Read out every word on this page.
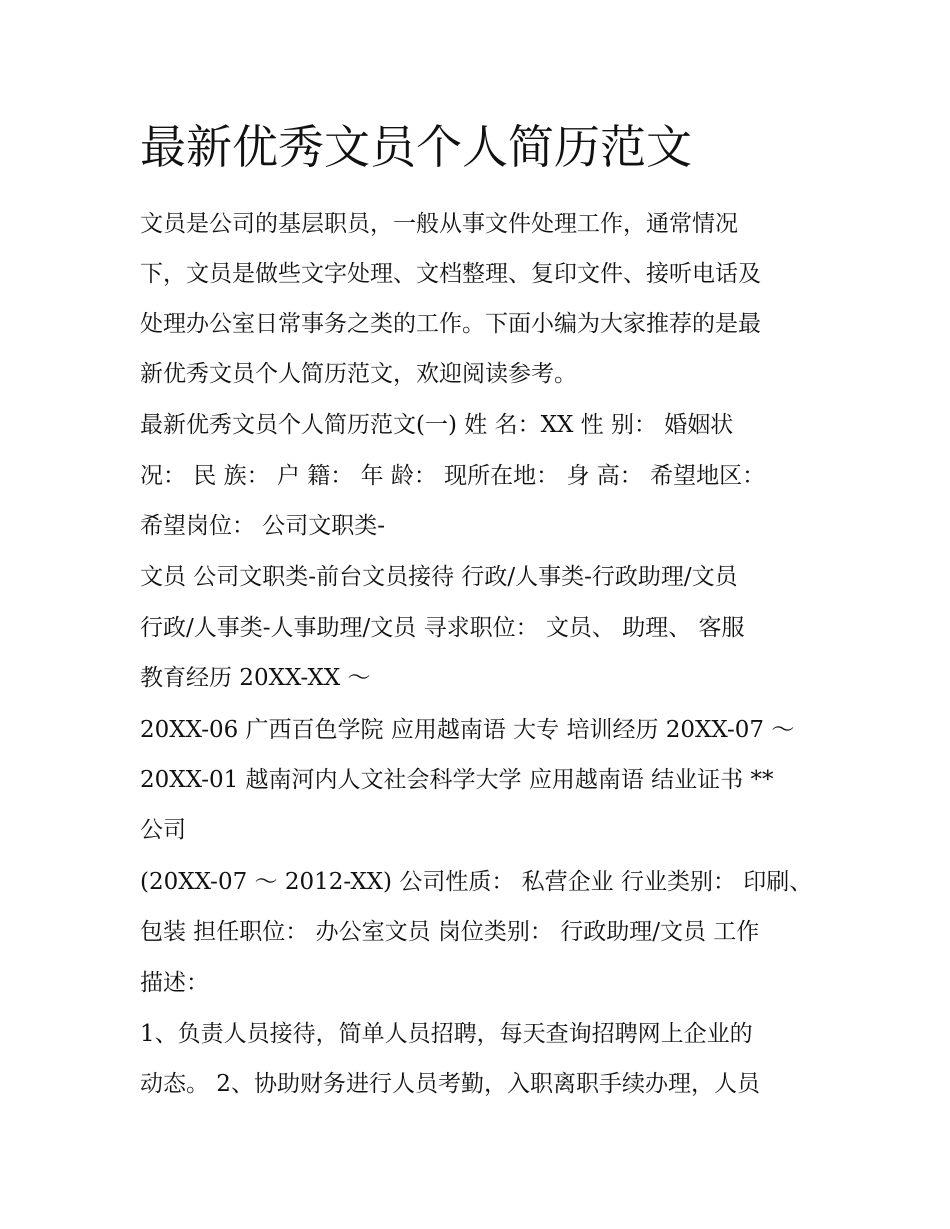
最新优秀文员个人简历范文
文员是公司的基层职员，一般从事文件处理工作，通常情况
下，文员是做些文字处理、文档整理、复印文件、接听电话及
处理办公室日常事务之类的工作。下面小编为大家推荐的是最
新优秀文员个人简历范文，欢迎阅读参考。
最新优秀文员个人简历范文(一) 姓 名：XX 性 别： 婚姻状
况： 民 族： 户 籍： 年 龄： 现所在地： 身 高： 希望地区：
希望岗位： 公司文职类-
文员 公司文职类-前台文员接待 行政/人事类-行政助理/文员
行政/人事类-人事助理/文员 寻求职位： 文员、 助理、 客服
教育经历 20XX-XX ～
20XX-06 广西百色学院 应用越南语 大专 培训经历 20XX-07 ～
20XX-01 越南河内人文社会科学大学 应用越南语 结业证书 **
公司
(20XX-07 ～ 2012-XX) 公司性质： 私营企业 行业类别： 印刷、
包装 担任职位： 办公室文员 岗位类别： 行政助理/文员 工作
描述：
1、负责人员接待，简单人员招聘，每天查询招聘网上企业的
动态。 2、协助财务进行人员考勤，入职离职手续办理，人员
